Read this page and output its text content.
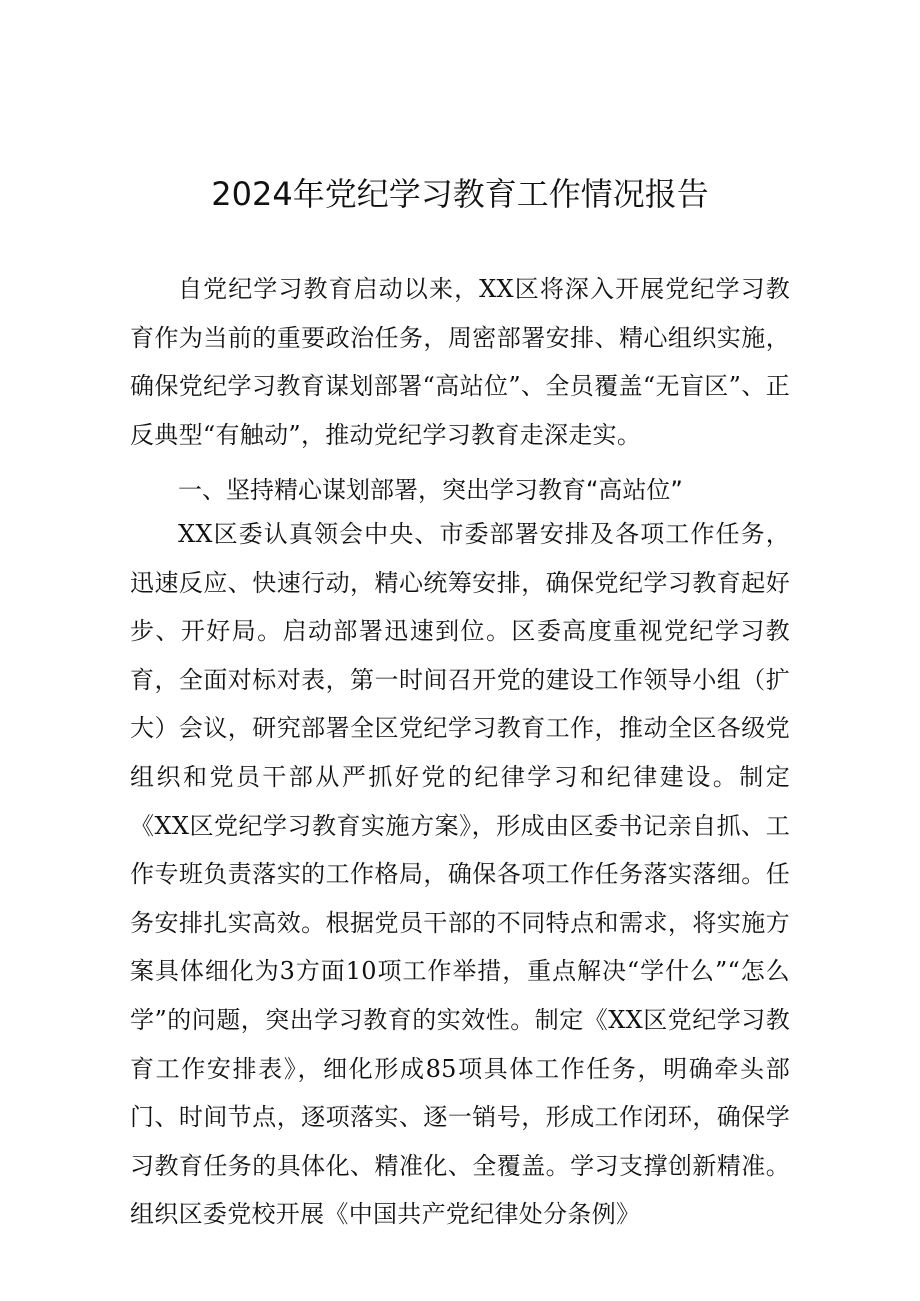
2024年党纪学习教育工作情况报告

自党纪学习教育启动以来，XX区将深入开展党纪学习教育作为当前的重要政治任务，周密部署安排、精心组织实施，确保党纪学习教育谋划部署“高站位”、全员覆盖“无盲区”、正反典型“有触动”，推动党纪学习教育走深走实。

一、坚持精心谋划部署，突出学习教育“高站位”

XX区委认真领会中央、市委部署安排及各项工作任务，迅速反应、快速行动，精心统筹安排，确保党纪学习教育起好步、开好局。启动部署迅速到位。区委高度重视党纪学习教育，全面对标对表，第一时间召开党的建设工作领导小组（扩大）会议，研究部署全区党纪学习教育工作，推动全区各级党组织和党员干部从严抓好党的纪律学习和纪律建设。制定《XX区党纪学习教育实施方案》，形成由区委书记亲自抓、工作专班负责落实的工作格局，确保各项工作任务落实落细。任务安排扎实高效。根据党员干部的不同特点和需求，将实施方案具体细化为3方面10项工作举措，重点解决“学什么”“怎么学”的问题，突出学习教育的实效性。制定《XX区党纪学习教育工作安排表》，细化形成85项具体工作任务，明确牵头部门、时间节点，逐项落实、逐一销号，形成工作闭环，确保学习教育任务的具体化、精准化、全覆盖。学习支撑创新精准。组织区委党校开展《中国共产党纪律处分条例》
